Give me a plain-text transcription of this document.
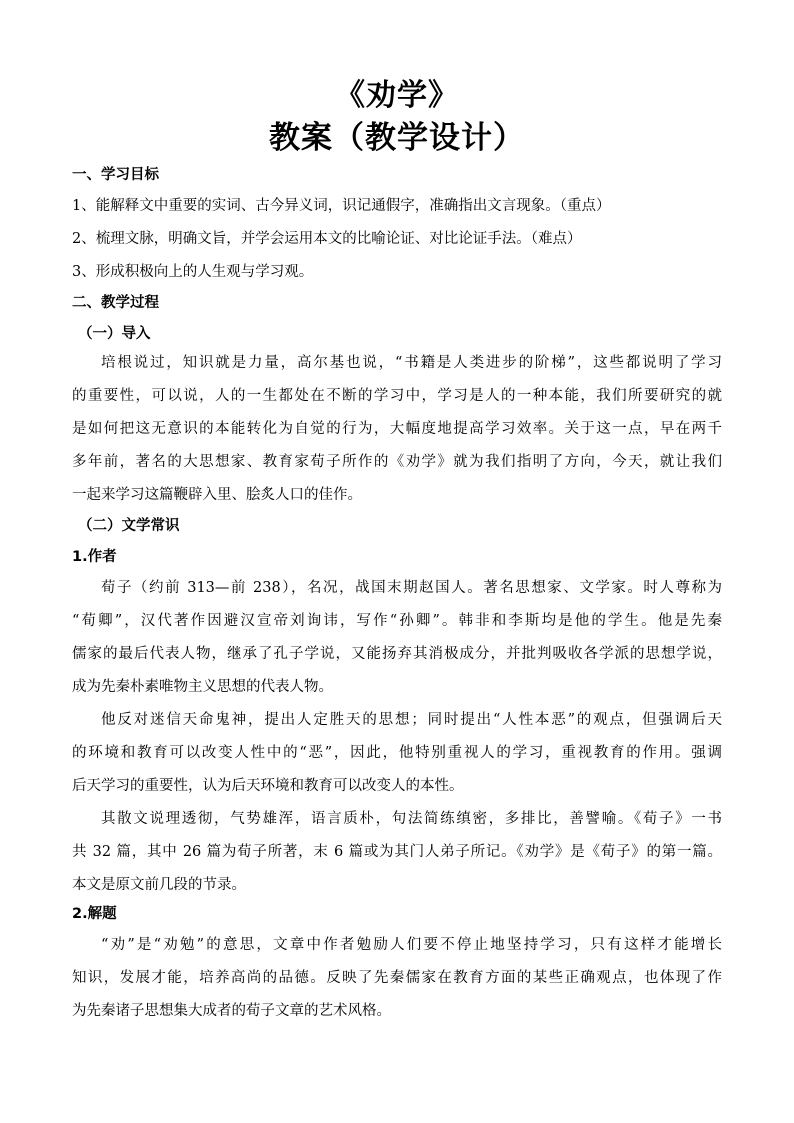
《劝学》
教案（教学设计）
一、学习目标
1、能解释文中重要的实词、古今异义词，识记通假字，准确指出文言现象。（重点）
2、梳理文脉，明确文旨，并学会运用本文的比喻论证、对比论证手法。（难点）
3、形成积极向上的人生观与学习观。
二、教学过程
（一）导入
培根说过，知识就是力量，高尔基也说，“书籍是人类进步的阶梯”，这些都说明了学习
的重要性，可以说，人的一生都处在不断的学习中，学习是人的一种本能，我们所要研究的就
是如何把这无意识的本能转化为自觉的行为，大幅度地提高学习效率。关于这一点，早在两千
多年前，著名的大思想家、教育家荀子所作的《劝学》就为我们指明了方向，今天，就让我们
一起来学习这篇鞭辟入里、脍炙人口的佳作。
（二）文学常识
1.作者
荀子（约前 313—前 238），名况，战国末期赵国人。著名思想家、文学家。时人尊称为
“荀卿”，汉代著作因避汉宣帝刘询讳，写作“孙卿”。韩非和李斯均是他的学生。他是先秦
儒家的最后代表人物，继承了孔子学说，又能扬弃其消极成分，并批判吸收各学派的思想学说，
成为先秦朴素唯物主义思想的代表人物。
他反对迷信天命鬼神，提出人定胜天的思想；同时提出“人性本恶”的观点，但强调后天
的环境和教育可以改变人性中的“恶”，因此，他特别重视人的学习，重视教育的作用。强调
后天学习的重要性，认为后天环境和教育可以改变人的本性。
其散文说理透彻，气势雄浑，语言质朴，句法简练缜密，多排比，善譬喻。《荀子》一书
共 32 篇，其中 26 篇为荀子所著，末 6 篇或为其门人弟子所记。《劝学》是《荀子》的第一篇。
本文是原文前几段的节录。
2.解题
“劝”是“劝勉”的意思，文章中作者勉励人们要不停止地坚持学习，只有这样才能增长
知识，发展才能，培养高尚的品德。反映了先秦儒家在教育方面的某些正确观点，也体现了作
为先秦诸子思想集大成者的荀子文章的艺术风格。
